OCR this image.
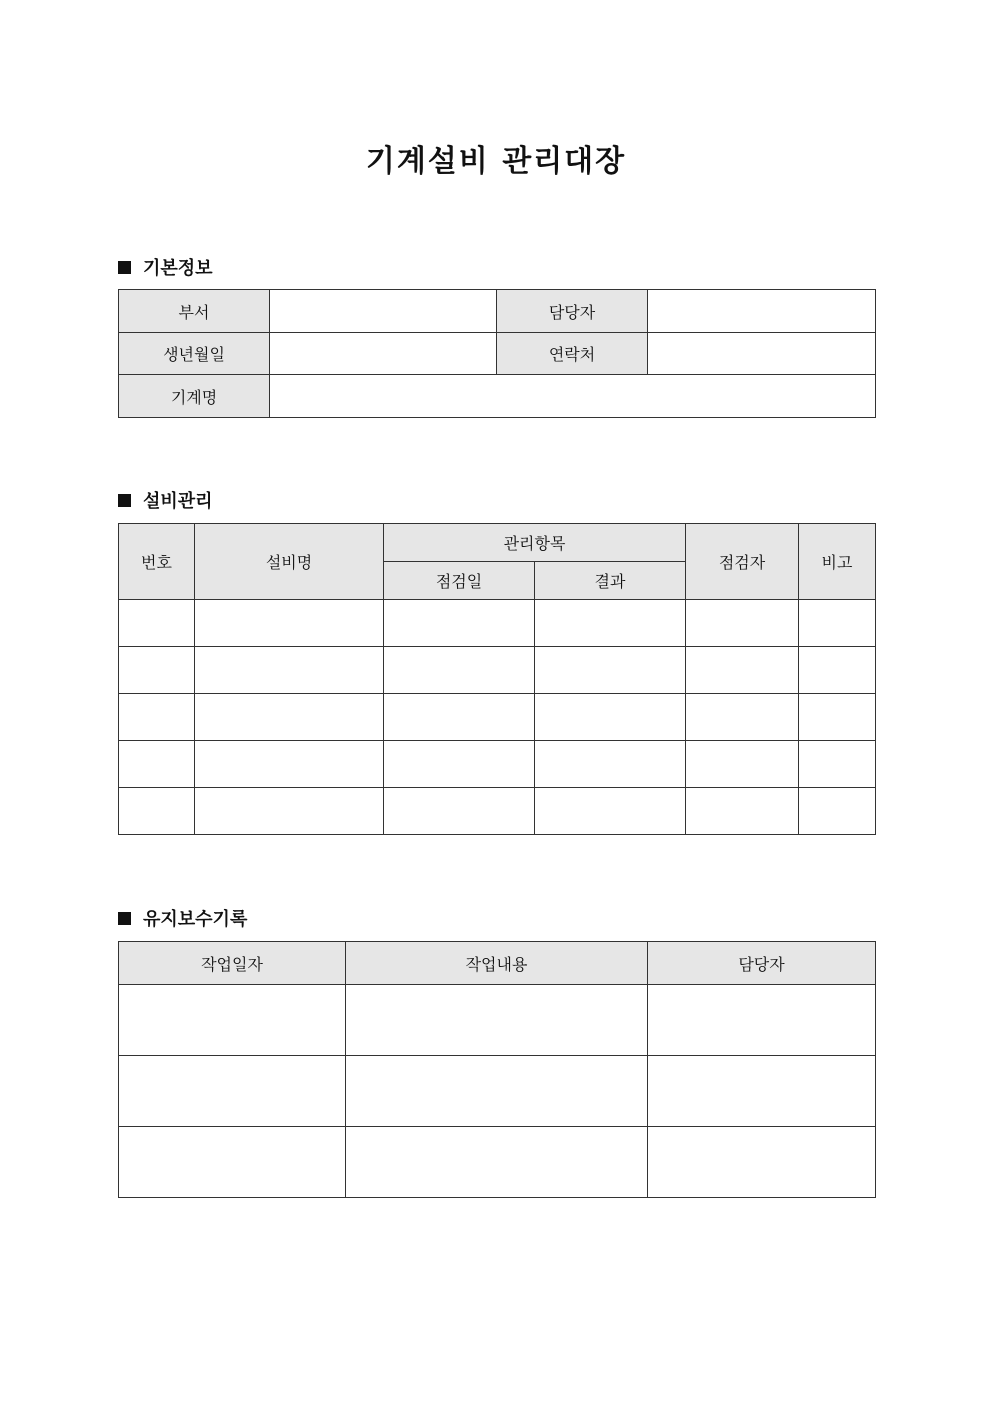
기계설비 관리대장
기본정보
부서		담당자	
생년월일		연락처	
기계명			
설비관리
번호	설비명	관리항목		점검자	비고
		점검일	결과		

유지보수기록
작업일자	작업내용	담당자
